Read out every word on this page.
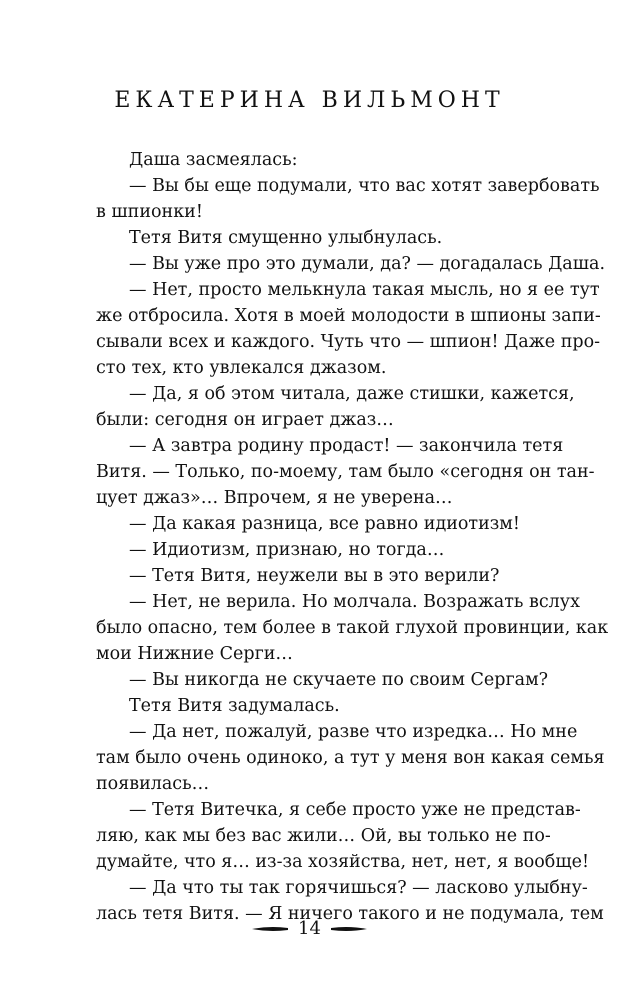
ЕКАТЕРИНА ВИЛЬМОНТ
Даша засмеялась:
— Вы бы еще подумали, что вас хотят завербовать
в шпионки!
Тетя Витя смущенно улыбнулась.
— Вы уже про это думали, да? — догадалась Даша.
— Нет, просто мелькнула такая мысль, но я ее тут
же отбросила. Хотя в моей молодости в шпионы запи-
сывали всех и каждого. Чуть что — шпион! Даже про-
сто тех, кто увлекался джазом.
— Да, я об этом читала, даже стишки, кажется,
были: сегодня он играет джаз…
— А завтра родину продаст! — закончила тетя
Витя. — Только, по-моему, там было «сегодня он тан-
цует джаз»… Впрочем, я не уверена…
— Да какая разница, все равно идиотизм!
— Идиотизм, признаю, но тогда…
— Тетя Витя, неужели вы в это верили?
— Нет, не верила. Но молчала. Возражать вслух
было опасно, тем более в такой глухой провинции, как
мои Нижние Серги…
— Вы никогда не скучаете по своим Сергам?
Тетя Витя задумалась.
— Да нет, пожалуй, разве что изредка… Но мне
там было очень одиноко, а тут у меня вон какая семья
появилась…
— Тетя Витечка, я себе просто уже не представ-
ляю, как мы без вас жили… Ой, вы только не по-
думайте, что я… из-за хозяйства, нет, нет, я вообще!
— Да что ты так горячишься? — ласково улыбну-
лась тетя Витя. — Я ничего такого и не подумала, тем
14
